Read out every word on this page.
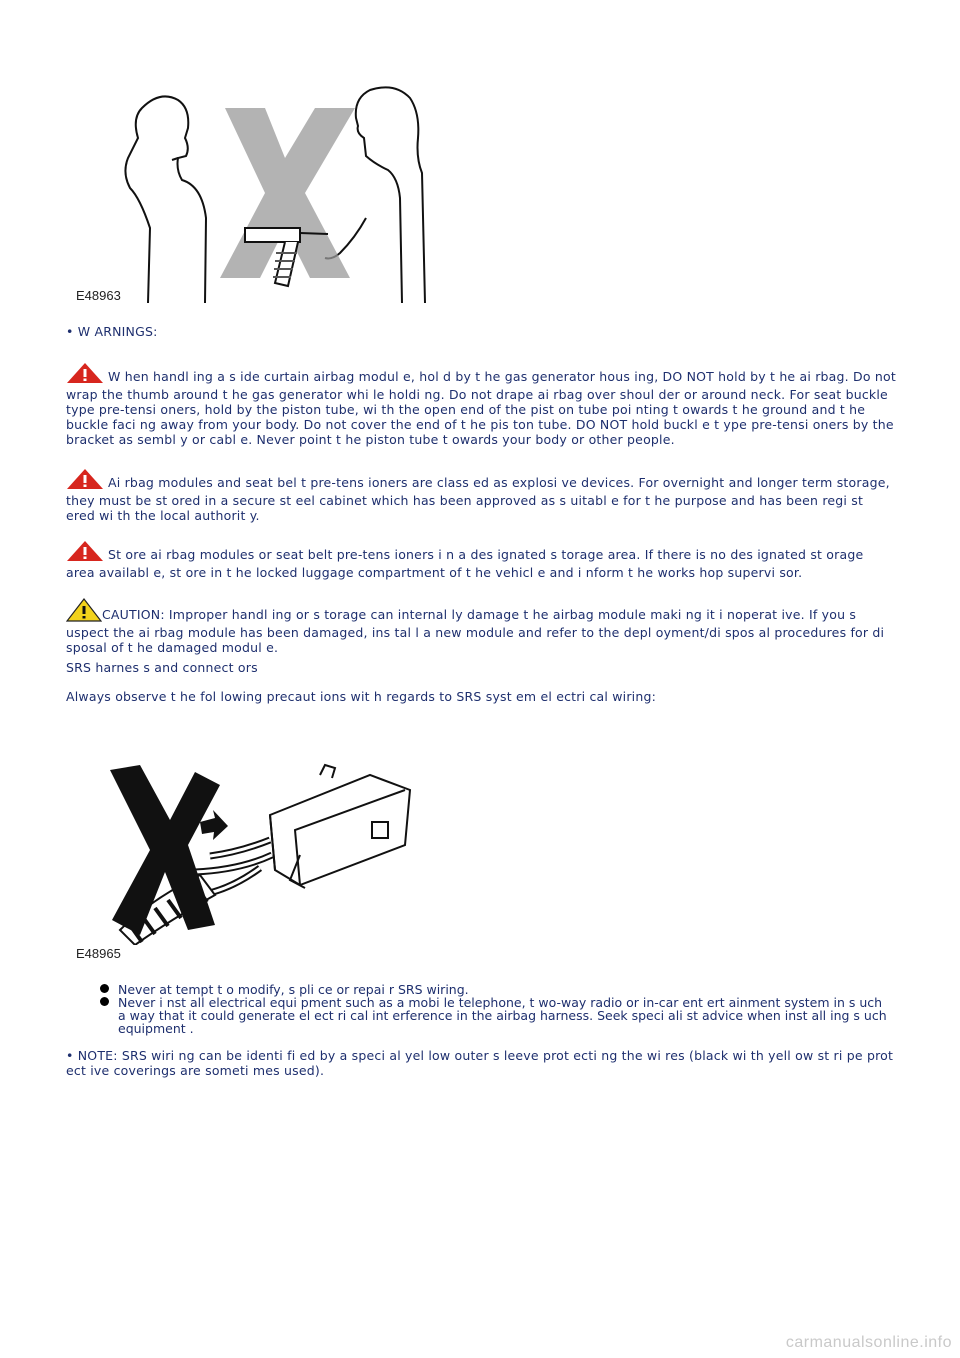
E48963
• W ARNINGS:
W hen handl ing a s ide curtain airbag modul e, hol d by t he gas generator hous ing, DO NOT hold by t he ai rbag. Do not wrap the thumb around t he gas generator whi le holdi ng. Do not drape ai rbag over shoul der or around neck. For seat buckle type pre-tensi oners, hold by the piston tube, wi th the open end of the pist on tube poi nting t owards t he ground and t he buckle faci ng away from your body. Do not cover the end of t he pis ton tube. DO NOT hold buckl e t ype pre-tensi oners by the bracket as sembl y or cabl e. Never point t he piston tube t owards your body or other people.
Ai rbag modules and seat bel t pre-tens ioners are class ed as explosi ve devices. For overnight and longer term storage, they must be st ored in a secure st eel cabinet which has been approved as s uitabl e for t he purpose and has been regi st ered wi th the local authorit y.
St ore ai rbag modules or seat belt pre-tens ioners i n a des ignated s torage area. If there is no des ignated st orage area availabl e, st ore in t he locked luggage compartment of t he vehicl e and i nform t he works hop supervi sor.
CAUTION: Improper handl ing or s torage can internal ly damage t he airbag module maki ng it i noperat ive. If you s uspect the ai rbag module has been damaged, ins tal l a new module and refer to the depl oyment/di spos al procedures for di sposal of t he damaged modul e.
SRS harnes s and connect ors
Always observe t he fol lowing precaut ions wit h regards to SRS syst em el ectri cal wiring:
E48965
Never at tempt t o modify, s pli ce or repai r SRS wiring.
Never i nst all electrical equi pment such as a mobi le telephone, t wo-way radio or in-car ent ert ainment system in s uch a way that it could generate el ect ri cal int erference in the airbag harness. Seek speci ali st advice when inst all ing s uch equipment .
• NOTE: SRS wiri ng can be identi fi ed by a speci al yel low outer s leeve prot ecti ng the wi res (black wi th yell ow st ri pe prot ect ive coverings are someti mes used).
carmanualsonline.info
